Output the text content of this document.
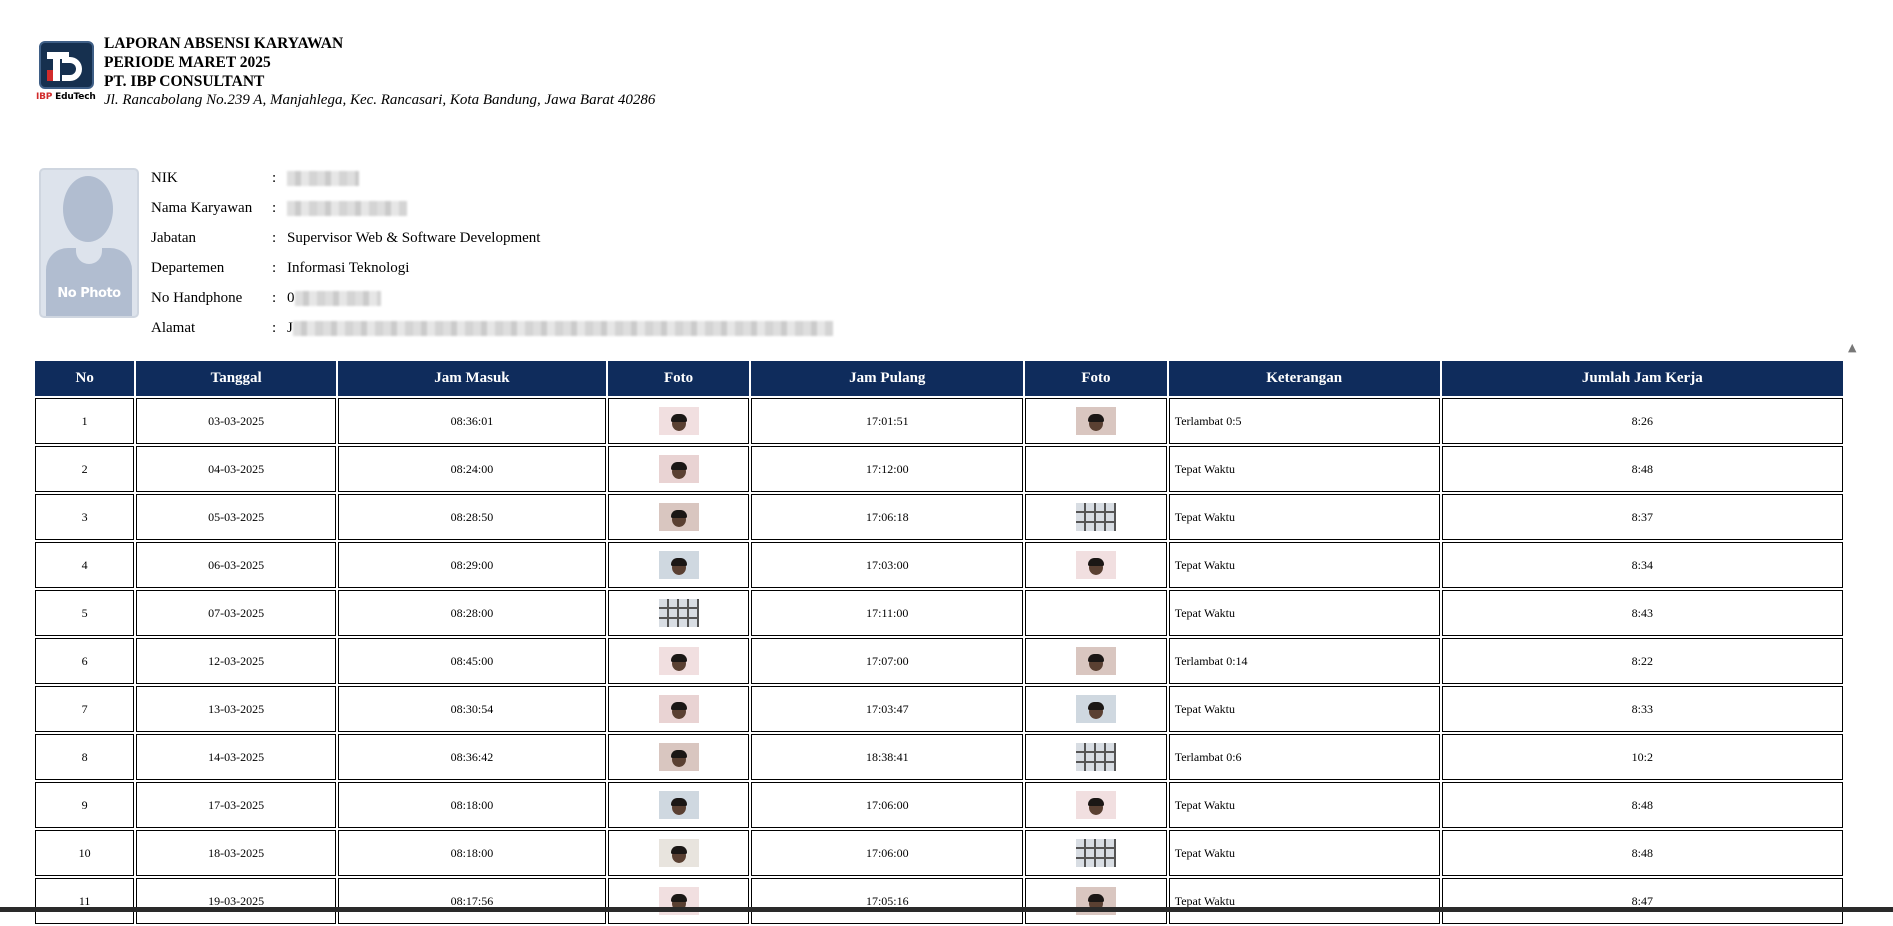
IBP EduTech
LAPORAN ABSENSI KARYAWAN
PERIODE MARET 2025
PT. IBP CONSULTANT
Jl. Rancabolang No.239 A, Manjahlega, Kec. Rancasari, Kota Bandung, Jawa Barat 40286
No Photo
NIK	:
Nama Karyawan	:
Jabatan	: Supervisor Web & Software Development
Departemen	: Informasi Teknologi
No Handphone	: 0
Alamat	: J
▲
No	Tanggal	Jam Masuk	Foto	Jam Pulang	Foto	Keterangan	Jumlah Jam Kerja
1	03-03-2025	08:36:01		17:01:51		Terlambat 0:5	8:26
2	04-03-2025	08:24:00		17:12:00		Tepat Waktu	8:48
3	05-03-2025	08:28:50		17:06:18		Tepat Waktu	8:37
4	06-03-2025	08:29:00		17:03:00		Tepat Waktu	8:34
5	07-03-2025	08:28:00		17:11:00		Tepat Waktu	8:43
6	12-03-2025	08:45:00		17:07:00		Terlambat 0:14	8:22
7	13-03-2025	08:30:54		17:03:47		Tepat Waktu	8:33
8	14-03-2025	08:36:42		18:38:41		Terlambat 0:6	10:2
9	17-03-2025	08:18:00		17:06:00		Tepat Waktu	8:48
10	18-03-2025	08:18:00		17:06:00		Tepat Waktu	8:48
11	19-03-2025	08:17:56		17:05:16		Tepat Waktu	8:47
